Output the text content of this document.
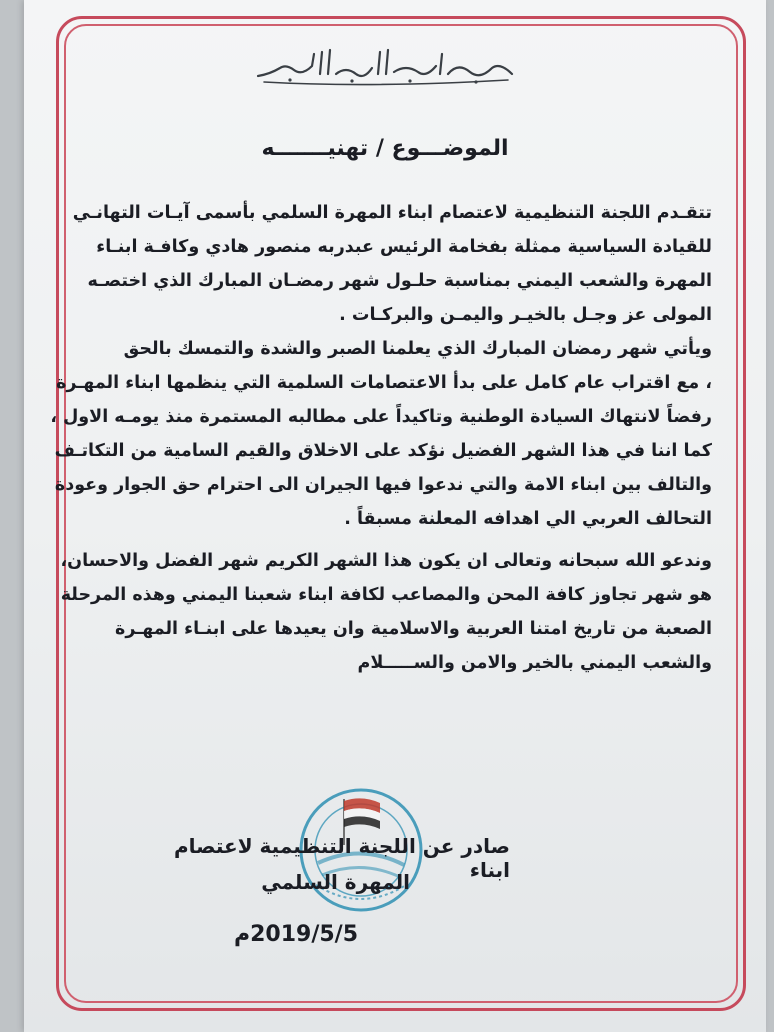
الموضـــوع / تهنيـــــــه
تتقـدم اللجنة التنظيمية لاعتصام ابناء المهرة السلمي بأسمى آيـات التهانـي
للقيادة السياسية ممثلة بفخامة الرئيس عبدربه منصور هادي وكافـة ابنـاء
المهرة والشعب اليمني بمناسبة حلـول شهر رمضـان المبارك الذي اختصـه
المولى عز وجـل بالخيـر واليمـن والبركـات .
ويأتي شهر رمضان المبارك الذي يعلمنا الصبر والشدة والتمسك بالحق
، مع اقتراب عام كامل على بدأ الاعتصامات السلمية التي ينظمها ابناء المهـرة
رفضاً لانتهاك السيادة الوطنية وتاكيداً على مطالبه المستمرة منذ يومـه الاول ،
كما اننا في هذا الشهر الفضيل نؤكد على الاخلاق والقيم السامية من التكاتـف
والتالف بين ابناء الامة والتي ندعوا فيها الجيران الى احترام حق الجوار وعودة
التحالف العربي الي اهدافه المعلنة مسبقاً .
وندعو الله سبحانه وتعالى ان يكون هذا الشهر الكريم شهر الفضل والاحسان،
هو شهر تجاوز كافة المحن والمصاعب لكافة ابناء شعبنا اليمني وهذه المرحلة
الصعبة من تاريخ امتنا العربية والاسلامية وان يعيدها على ابنـاء المهـرة
والشعب اليمني بالخير والامن والســـــلام
صادر عن اللجنة التنظيمية لاعتصام ابناء
المهرة السلمي
2019/5/5م
